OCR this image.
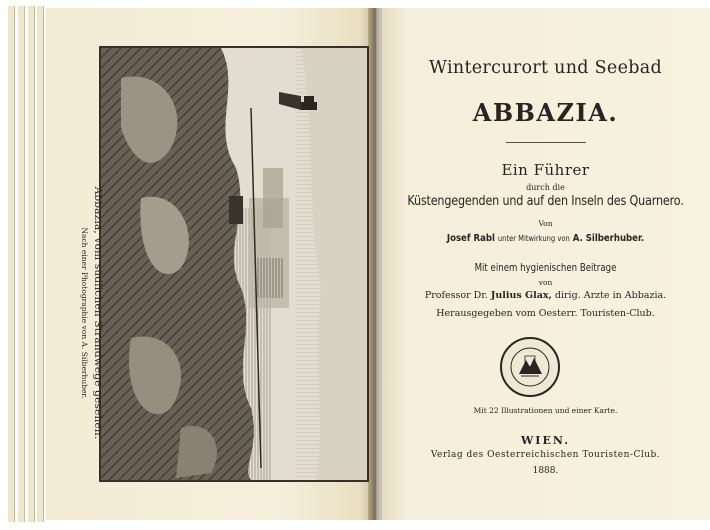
Abbazia, vom südlichen Strandwege gesehen.
Nach einer Photographie von A. Silberhuber.
Wintercurort und Seebad
ABBAZIA.
Ein Führer
durch die
Küstengegenden und auf den Inseln des Quarnero.
Von
Josef Rabl unter Mitwirkung von A. Silberhuber.
Mit einem hygienischen Beitrage
von
Professor Dr. Julius Glax, dirig. Arzte in Abbazia.
Herausgegeben vom Oesterr. Touristen-Club.
Mit 22 Illustrationen und einer Karte.
WIEN.
Verlag des Oesterreichischen Touristen-Club.
1888.
